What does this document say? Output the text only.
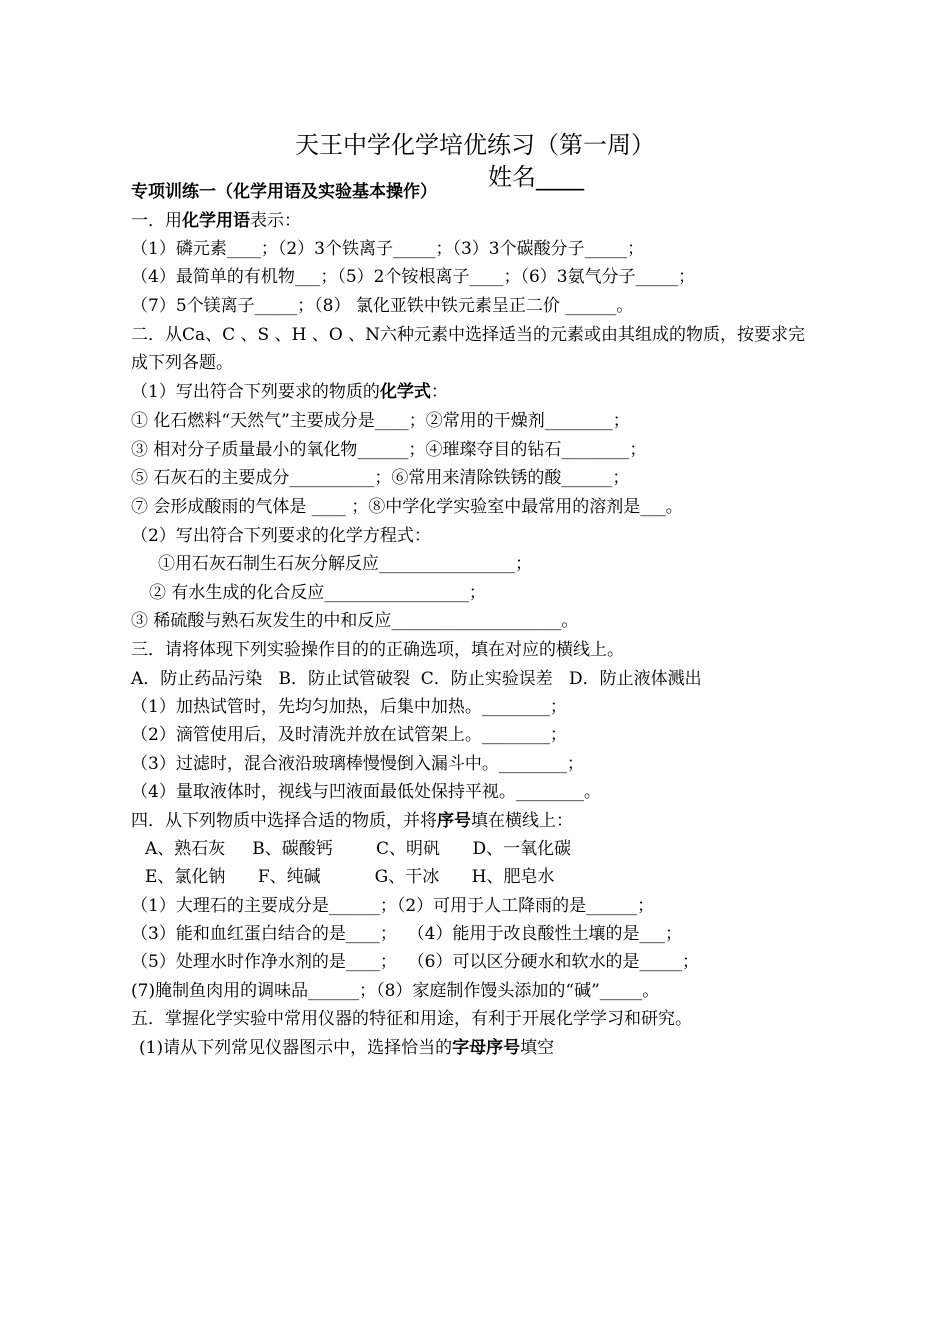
天王中学化学培优练习（第一周）
姓名____
专项训练一（化学用语及实验基本操作）
一．用化学用语表示：
（1）磷元素____；（2）3个铁离子_____；（3）3个碳酸分子_____；
（4）最简单的有机物___；（5）2个铵根离子____；（6）3氨气分子_____；
（7）5个镁离子_____；（8） 氯化亚铁中铁元素呈正二价 ______。
二．从Ca、C 、S 、H 、O 、N六种元素中选择适当的元素或由其组成的物质，按要求完
成下列各题。
（1）写出符合下列要求的物质的化学式：
① 化石燃料“天然气”主要成分是____；②常用的干燥剂________；
③ 相对分子质量最小的氧化物______；④璀璨夺目的钻石________；
⑤ 石灰石的主要成分__________；⑥常用来清除铁锈的酸______；
⑦ 会形成酸雨的气体是 ____ ；⑧中学化学实验室中最常用的溶剂是___。
（2）写出符合下列要求的化学方程式：
①用石灰石制生石灰分解反应________________；
② 有水生成的化合反应_________________；
③ 稀硫酸与熟石灰发生的中和反应____________________。
三．请将体现下列实验操作目的的正确选项，填在对应的横线上。
A．防止药品污染   B．防止试管破裂  C．防止实验误差   D．防止液体溅出
（1）加热试管时，先均匀加热，后集中加热。________；
（2）滴管使用后，及时清洗并放在试管架上。________；
（3）过滤时，混合液沿玻璃棒慢慢倒入漏斗中。________；
（4）量取液体时，视线与凹液面最低处保持平视。________。
四．从下列物质中选择合适的物质，并将序号填在横线上：
A、熟石灰     B、碳酸钙        C、明矾      D、一氧化碳
E、氯化钠      F、纯碱          G、干冰      H、肥皂水
（1）大理石的主要成分是______；（2）可用于人工降雨的是______；
（3）能和血红蛋白结合的是____；  （4）能用于改良酸性土壤的是___；
（5）处理水时作净水剂的是____；  （6）可以区分硬水和软水的是_____；
(7)腌制鱼肉用的调味品______；（8）家庭制作馒头添加的“碱”_____。
五．掌握化学实验中常用仪器的特征和用途，有利于开展化学学习和研究。
(1)请从下列常见仪器图示中，选择恰当的字母序号填空
